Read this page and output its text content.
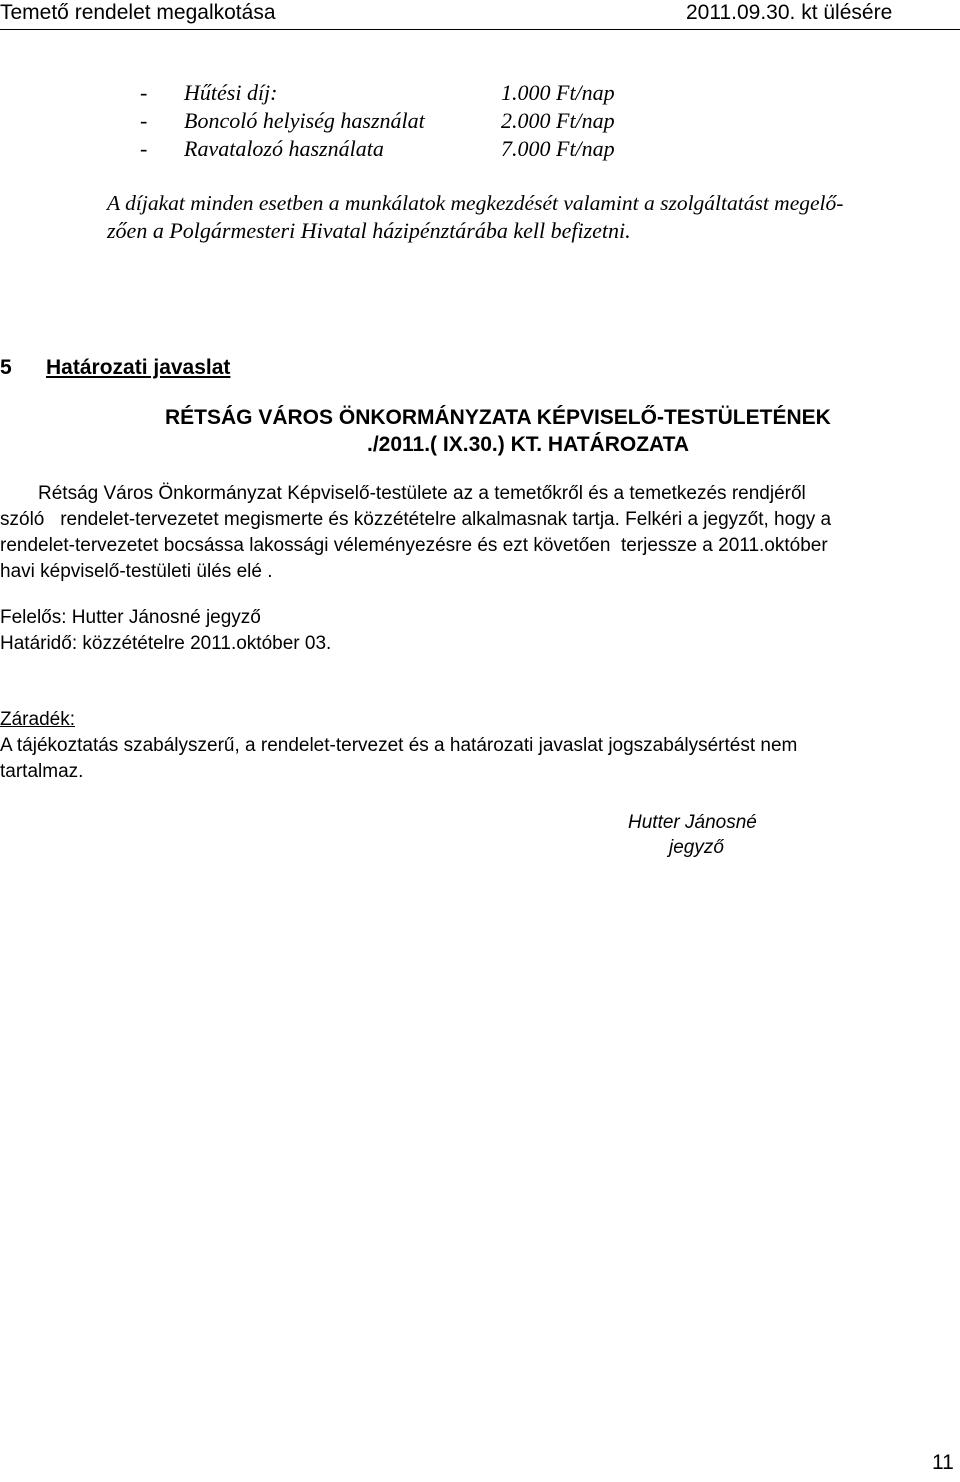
Temető rendelet megalkotása	2011.09.30. kt ülésére
- Hűtési díj:	1.000 Ft/nap
- Boncoló helyiség használat	2.000 Ft/nap
- Ravatalozó használata	7.000 Ft/nap
A díjakat minden esetben a munkálatok megkezdését valamint a szolgáltatást megelő-
zően a Polgármesteri Hivatal házipénztárába kell befizetni.
5 Határozati javaslat
RÉTSÁG VÁROS ÖNKORMÁNYZATA KÉPVISELŐ-TESTÜLETÉNEK
./2011.( IX.30.) KT. HATÁROZATA
Rétság Város Önkormányzat Képviselő-testülete az a temetőkről és a temetkezés rendjéről
szóló   rendelet-tervezetet megismerte és közzétételre alkalmasnak tartja. Felkéri a jegyzőt, hogy a
rendelet-tervezetet bocsássa lakossági véleményezésre és ezt követően  terjessze a 2011.október
havi képviselő-testületi ülés elé .
Felelős: Hutter Jánosné jegyző
Határidő: közzétételre 2011.október 03.
Záradék:
A tájékoztatás szabályszerű, a rendelet-tervezet és a határozati javaslat jogszabálysértést nem
tartalmaz.
Hutter Jánosné
jegyző
11
